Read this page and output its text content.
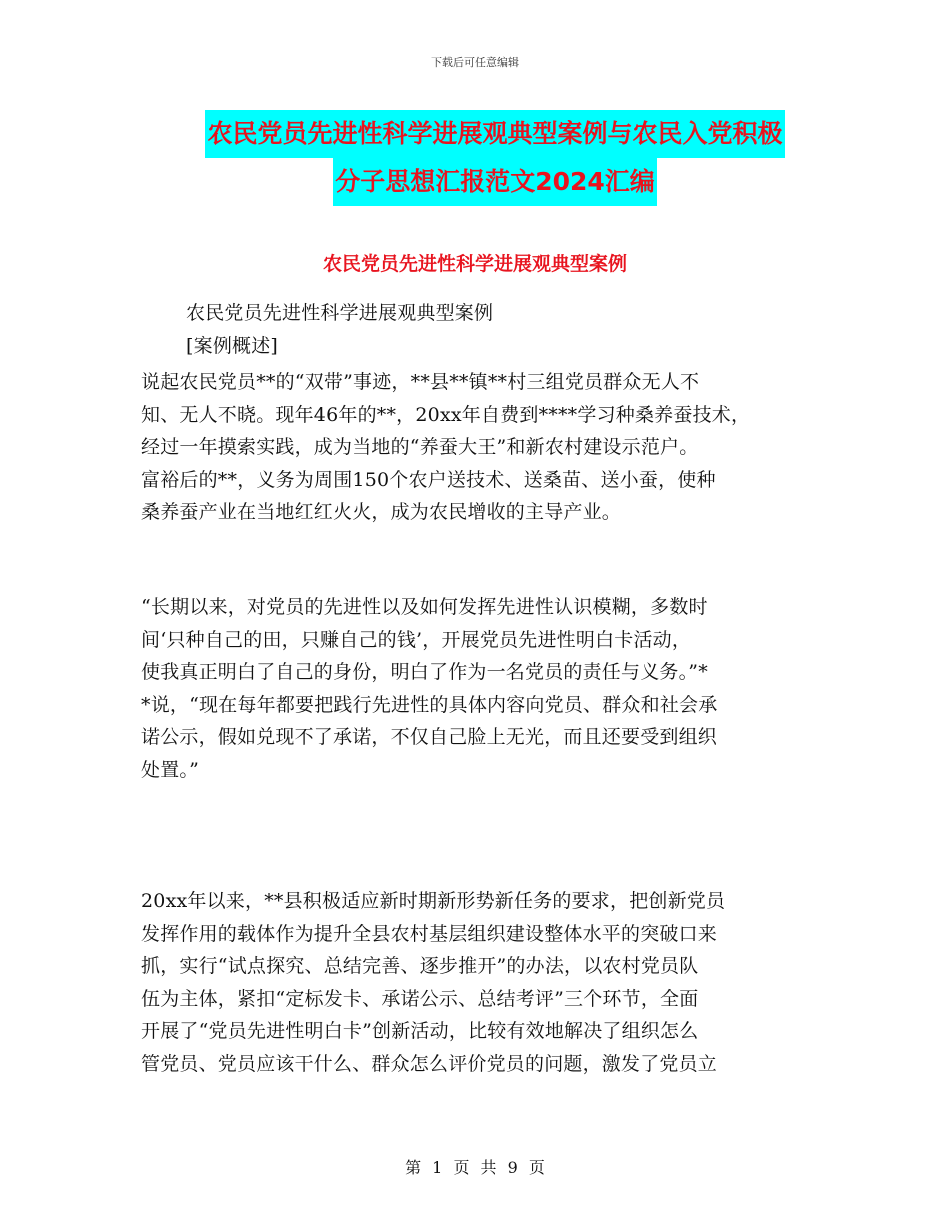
下载后可任意编辑
农民党员先进性科学进展观典型案例与农民入党积极
分子思想汇报范文2024汇编
农民党员先进性科学进展观典型案例
农民党员先进性科学进展观典型案例
[案例概述]
说起农民党员**的“双带”事迹，**县**镇**村三组党员群众无人不
知、无人不晓。现年46年的**，20xx年自费到****学习种桑养蚕技术，
经过一年摸索实践，成为当地的“养蚕大王”和新农村建设示范户。
富裕后的**，义务为周围150个农户送技术、送桑苗、送小蚕，使种
桑养蚕产业在当地红红火火，成为农民增收的主导产业。
“长期以来，对党员的先进性以及如何发挥先进性认识模糊，多数时
间‘只种自己的田，只赚自己的钱’，开展党员先进性明白卡活动，
使我真正明白了自己的身份，明白了作为一名党员的责任与义务。”*
*说，“现在每年都要把践行先进性的具体内容向党员、群众和社会承
诺公示，假如兑现不了承诺，不仅自己脸上无光，而且还要受到组织
处置。”
20xx年以来，**县积极适应新时期新形势新任务的要求，把创新党员
发挥作用的载体作为提升全县农村基层组织建设整体水平的突破口来
抓，实行“试点探究、总结完善、逐步推开”的办法，以农村党员队
伍为主体，紧扣“定标发卡、承诺公示、总结考评”三个环节，全面
开展了“党员先进性明白卡”创新活动，比较有效地解决了组织怎么
管党员、党员应该干什么、群众怎么评价党员的问题，激发了党员立
第 1 页 共 9 页
